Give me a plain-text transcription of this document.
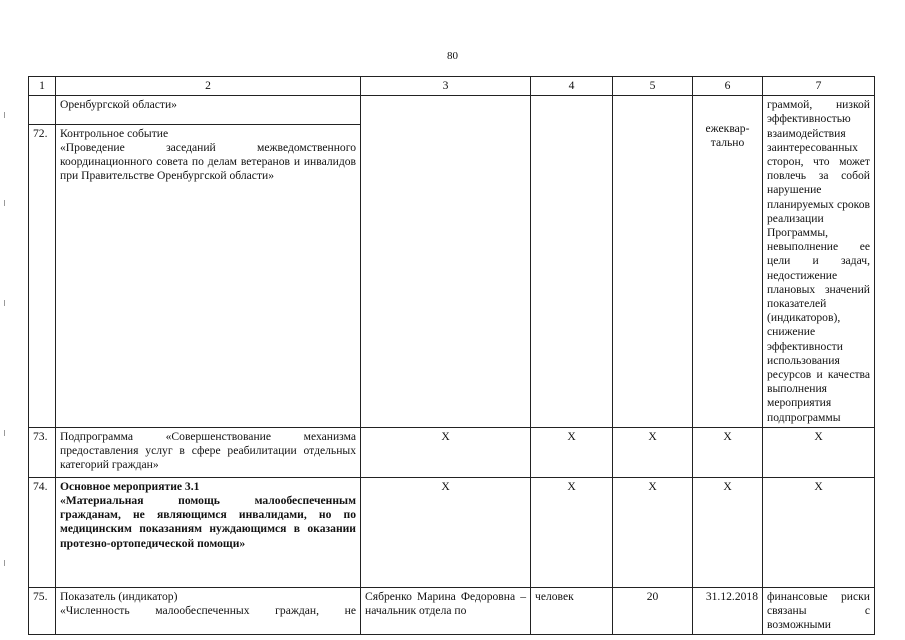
80
1	2	3	4	5	6	7
	Оренбургской области»				ежеквар-тально	граммой, низкой эффективностью взаимодействия заинтересованных сторон, что может повлечь за собой нарушение планируемых сроков реализации Программы, невыполнение ее цели и задач, недостижение плановых значений показателей (индикаторов), снижение эффективности использования ресурсов и качества выполнения мероприятия подпрограммы
72.	Контрольное событие
«Проведение заседаний межведомственного координационного совета по делам ветеранов и инвалидов при Правительстве Оренбургской области»					

73.	Подпрограмма «Совершенствование механизма предоставления услуг в сфере реабилитации отдельных категорий граждан»	Х	Х	Х	Х	Х
74.	Основное мероприятие 3.1
«Материальная помощь малообеспеченным гражданам, не являющимся инвалидами, но по медицинским показаниям нуждающимся в оказании протезно-ортопедической помощи»	Х	Х	Х	Х	Х
75.	Показатель (индикатор)
«Численность малообеспеченных граждан, не	Сябренко Марина Федоровна – начальник отдела по	человек	20	31.12.2018	финансовые риски связаны с возможными
